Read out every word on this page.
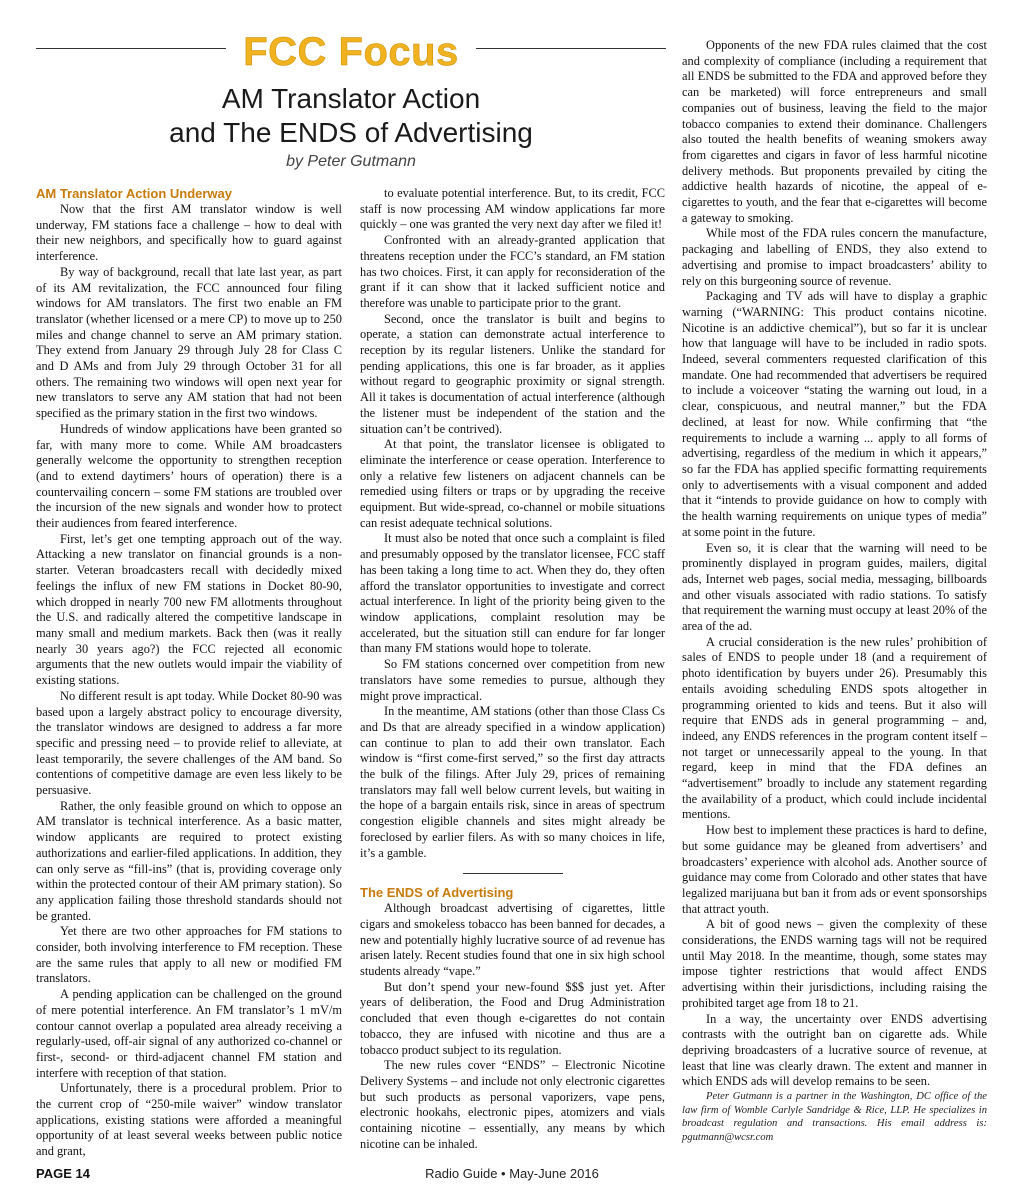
FCC Focus
AM Translator Action
and The ENDS of Advertising
by Peter Gutmann
AM Translator Action Underway

Now that the first AM translator window is well underway, FM stations face a challenge – how to deal with their new neighbors, and specifically how to guard against interference.

By way of background, recall that late last year, as part of its AM revitalization, the FCC announced four filing windows for AM translators. The first two enable an FM translator (whether licensed or a mere CP) to move up to 250 miles and change channel to serve an AM primary station. They extend from January 29 through July 28 for Class C and D AMs and from July 29 through October 31 for all others. The remaining two windows will open next year for new translators to serve any AM station that had not been specified as the primary station in the first two windows.

Hundreds of window applications have been granted so far, with many more to come. While AM broadcasters generally welcome the opportunity to strengthen reception (and to extend daytimers’ hours of operation) there is a countervailing concern – some FM stations are troubled over the incursion of the new signals and wonder how to protect their audiences from feared interference.

First, let’s get one tempting approach out of the way. Attacking a new translator on financial grounds is a non-starter. Veteran broadcasters recall with decidedly mixed feelings the influx of new FM stations in Docket 80-90, which dropped in nearly 700 new FM allotments throughout the U.S. and radically altered the competitive landscape in many small and medium markets. Back then (was it really nearly 30 years ago?) the FCC rejected all economic arguments that the new outlets would impair the viability of existing stations.

No different result is apt today. While Docket 80-90 was based upon a largely abstract policy to encourage diversity, the translator windows are designed to address a far more specific and pressing need – to provide relief to alleviate, at least temporarily, the severe challenges of the AM band. So contentions of competitive damage are even less likely to be persuasive.

Rather, the only feasible ground on which to oppose an AM translator is technical interference. As a basic matter, window applicants are required to protect existing authorizations and earlier-filed applications. In addition, they can only serve as “fill-ins” (that is, providing coverage only within the protected contour of their AM primary station). So any application failing those threshold standards should not be granted.

Yet there are two other approaches for FM stations to consider, both involving interference to FM reception. These are the same rules that apply to all new or modified FM translators.

A pending application can be challenged on the ground of mere potential interference. An FM translator’s 1 mV/m contour cannot overlap a populated area already receiving a regularly-used, off-air signal of any authorized co-channel or first-, second- or third-adjacent channel FM station and interfere with reception of that station.

Unfortunately, there is a procedural problem. Prior to the current crop of “250-mile waiver” window translator applications, existing stations were afforded a meaningful opportunity of at least several weeks between public notice and grant,

to evaluate potential interference. But, to its credit, FCC staff is now processing AM window applications far more quickly – one was granted the very next day after we filed it!

Confronted with an already-granted application that threatens reception under the FCC’s standard, an FM station has two choices. First, it can apply for reconsideration of the grant if it can show that it lacked sufficient notice and therefore was unable to participate prior to the grant.

Second, once the translator is built and begins to operate, a station can demonstrate actual interference to reception by its regular listeners. Unlike the standard for pending applications, this one is far broader, as it applies without regard to geographic proximity or signal strength. All it takes is documentation of actual interference (although the listener must be independent of the station and the situation can’t be contrived).

At that point, the translator licensee is obligated to eliminate the interference or cease operation. Interference to only a relative few listeners on adjacent channels can be remedied using filters or traps or by upgrading the receive equipment. But wide-spread, co-channel or mobile situations can resist adequate technical solutions.

It must also be noted that once such a complaint is filed and presumably opposed by the translator licensee, FCC staff has been taking a long time to act. When they do, they often afford the translator opportunities to investigate and correct actual interference. In light of the priority being given to the window applications, complaint resolution may be accelerated, but the situation still can endure for far longer than many FM stations would hope to tolerate.

So FM stations concerned over competition from new translators have some remedies to pursue, although they might prove impractical.

In the meantime, AM stations (other than those Class Cs and Ds that are already specified in a window application) can continue to plan to add their own translator. Each window is “first come-first served,” so the first day attracts the bulk of the filings. After July 29, prices of remaining translators may fall well below current levels, but waiting in the hope of a bargain entails risk, since in areas of spectrum congestion eligible channels and sites might already be foreclosed by earlier filers. As with so many choices in life, it’s a gamble.

The ENDS of Advertising

Although broadcast advertising of cigarettes, little cigars and smokeless tobacco has been banned for decades, a new and potentially highly lucrative source of ad revenue has arisen lately. Recent studies found that one in six high school students already “vape.”

But don’t spend your new-found $$$ just yet. After years of deliberation, the Food and Drug Administration concluded that even though e-cigarettes do not contain tobacco, they are infused with nicotine and thus are a tobacco product subject to its regulation.

The new rules cover “ENDS” – Electronic Nicotine Delivery Systems – and include not only electronic cigarettes but such products as personal vaporizers, vape pens, electronic hookahs, electronic pipes, atomizers and vials containing nicotine – essentially, any means by which nicotine can be inhaled.

Opponents of the new FDA rules claimed that the cost and complexity of compliance (including a requirement that all ENDS be submitted to the FDA and approved before they can be marketed) will force entrepreneurs and small companies out of business, leaving the field to the major tobacco companies to extend their dominance. Challengers also touted the health benefits of weaning smokers away from cigarettes and cigars in favor of less harmful nicotine delivery methods. But proponents prevailed by citing the addictive health hazards of nicotine, the appeal of e-cigarettes to youth, and the fear that e-cigarettes will become a gateway to smoking.

While most of the FDA rules concern the manufacture, packaging and labelling of ENDS, they also extend to advertising and promise to impact broadcasters’ ability to rely on this burgeoning source of revenue.

Packaging and TV ads will have to display a graphic warning (“WARNING: This product contains nicotine. Nicotine is an addictive chemical”), but so far it is unclear how that language will have to be included in radio spots. Indeed, several commenters requested clarification of this mandate. One had recommended that advertisers be required to include a voiceover “stating the warning out loud, in a clear, conspicuous, and neutral manner,” but the FDA declined, at least for now. While confirming that “the requirements to include a warning ... apply to all forms of advertising, regardless of the medium in which it appears,” so far the FDA has applied specific formatting requirements only to advertisements with a visual component and added that it “intends to provide guidance on how to comply with the health warning requirements on unique types of media” at some point in the future.

Even so, it is clear that the warning will need to be prominently displayed in program guides, mailers, digital ads, Internet web pages, social media, messaging, billboards and other visuals associated with radio stations. To satisfy that requirement the warning must occupy at least 20% of the area of the ad.

A crucial consideration is the new rules’ prohibition of sales of ENDS to people under 18 (and a requirement of photo identification by buyers under 26). Presumably this entails avoiding scheduling ENDS spots altogether in programming oriented to kids and teens. But it also will require that ENDS ads in general programming – and, indeed, any ENDS references in the program content itself – not target or unnecessarily appeal to the young. In that regard, keep in mind that the FDA defines an “advertisement” broadly to include any statement regarding the availability of a product, which could include incidental mentions.

How best to implement these practices is hard to define, but some guidance may be gleaned from advertisers’ and broadcasters’ experience with alcohol ads. Another source of guidance may come from Colorado and other states that have legalized marijuana but ban it from ads or event sponsorships that attract youth.

A bit of good news – given the complexity of these considerations, the ENDS warning tags will not be required until May 2018. In the meantime, though, some states may impose tighter restrictions that would affect ENDS advertising within their jurisdictions, including raising the prohibited target age from 18 to 21.

In a way, the uncertainty over ENDS advertising contrasts with the outright ban on cigarette ads. While depriving broadcasters of a lucrative source of revenue, at least that line was clearly drawn. The extent and manner in which ENDS ads will develop remains to be seen.

Peter Gutmann is a partner in the Washington, DC office of the law firm of Womble Carlyle Sandridge & Rice, LLP. He specializes in broadcast regulation and transactions. His email address is: pgutmann@wcsr.com

Radio Guide • May-June 2016
PAGE 14
